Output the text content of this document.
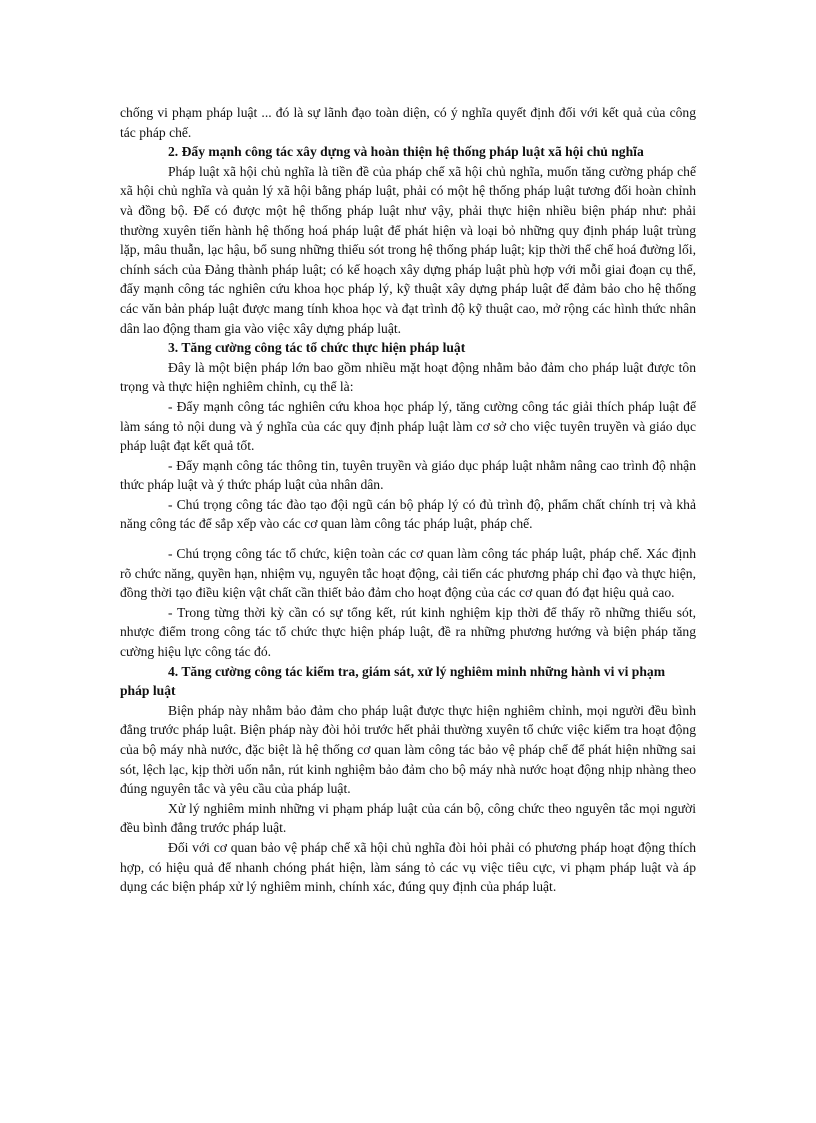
chống vi phạm pháp luật ... đó là sự lãnh đạo toàn diện, có ý nghĩa quyết định đối với kết quả của công tác pháp chế.

2. Đẩy mạnh công tác xây dựng và hoàn thiện hệ thống pháp luật xã hội chủ nghĩa

Pháp luật xã hội chủ nghĩa là tiền đề của pháp chế xã hội chủ nghĩa, muốn tăng cường pháp chế xã hội chủ nghĩa và quản lý xã hội bằng pháp luật, phải có một hệ thống pháp luật tương đối hoàn chỉnh và đồng bộ. Để có được một hệ thống pháp luật như vậy, phải thực hiện nhiều biện pháp như: phải thường xuyên tiến hành hệ thống hoá pháp luật để phát hiện và loại bỏ những quy định pháp luật trùng lặp, mâu thuẫn, lạc hậu, bổ sung những thiếu sót trong hệ thống pháp luật; kịp thời thể chế hoá đường lối, chính sách của Đảng thành pháp luật; có kế hoạch xây dựng pháp luật phù hợp với mỗi giai đoạn cụ thể, đẩy mạnh công tác nghiên cứu khoa học pháp lý, kỹ thuật xây dựng pháp luật để đảm bảo cho hệ thống các văn bản pháp luật được mang tính khoa học và đạt trình độ kỹ thuật cao, mở rộng các hình thức nhân dân lao động tham gia vào việc xây dựng pháp luật.

3. Tăng cường công tác tổ chức thực hiện pháp luật

Đây là một biện pháp lớn bao gồm nhiều mặt hoạt động nhằm bảo đảm cho pháp luật được tôn trọng và thực hiện nghiêm chỉnh, cụ thể là:

- Đẩy mạnh công tác nghiên cứu khoa học pháp lý, tăng cường công tác giải thích pháp luật để làm sáng tỏ nội dung và ý nghĩa của các quy định pháp luật làm cơ sở cho việc tuyên truyền và giáo dục pháp luật đạt kết quả tốt.

- Đẩy mạnh công tác thông tin, tuyên truyền và giáo dục pháp luật nhằm nâng cao trình độ nhận thức pháp luật và ý thức pháp luật của nhân dân.

- Chú trọng công tác đào tạo đội ngũ cán bộ pháp lý có đủ trình độ, phẩm chất chính trị và khả năng công tác để sắp xếp vào các cơ quan làm công tác pháp luật, pháp chế.

- Chú trọng công tác tổ chức, kiện toàn các cơ quan làm công tác pháp luật, pháp chế. Xác định rõ chức năng, quyền hạn, nhiệm vụ, nguyên tắc hoạt động, cải tiến các phương pháp chỉ đạo và thực hiện, đồng thời tạo điều kiện vật chất cần thiết bảo đảm cho hoạt động của các cơ quan đó đạt hiệu quả cao.

- Trong từng thời kỳ cần có sự tổng kết, rút kinh nghiệm kịp thời để thấy rõ những thiếu sót, nhược điểm trong công tác tổ chức thực hiện pháp luật, đề ra những phương hướng và biện pháp tăng cường hiệu lực công tác đó.

4. Tăng cường công tác kiểm tra, giám sát, xử lý nghiêm minh những hành vi vi phạm pháp luật

Biện pháp này nhằm bảo đảm cho pháp luật được thực hiện nghiêm chỉnh, mọi người đều bình đẳng trước pháp luật. Biện pháp này đòi hỏi trước hết phải thường xuyên tổ chức việc kiểm tra hoạt động của bộ máy nhà nước, đặc biệt là hệ thống cơ quan làm công tác bảo vệ pháp chế để phát hiện những sai sót, lệch lạc, kịp thời uốn nắn, rút kinh nghiệm bảo đảm cho bộ máy nhà nước hoạt động nhịp nhàng theo đúng nguyên tắc và yêu cầu của pháp luật.

Xử lý nghiêm minh những vi phạm pháp luật của cán bộ, công chức theo nguyên tắc mọi người đều bình đẳng trước pháp luật.

Đối với cơ quan bảo vệ pháp chế xã hội chủ nghĩa đòi hỏi phải có phương pháp hoạt động thích hợp, có hiệu quả để nhanh chóng phát hiện, làm sáng tỏ các vụ việc tiêu cực, vi phạm pháp luật và áp dụng các biện pháp xử lý nghiêm minh, chính xác, đúng quy định của pháp luật.
